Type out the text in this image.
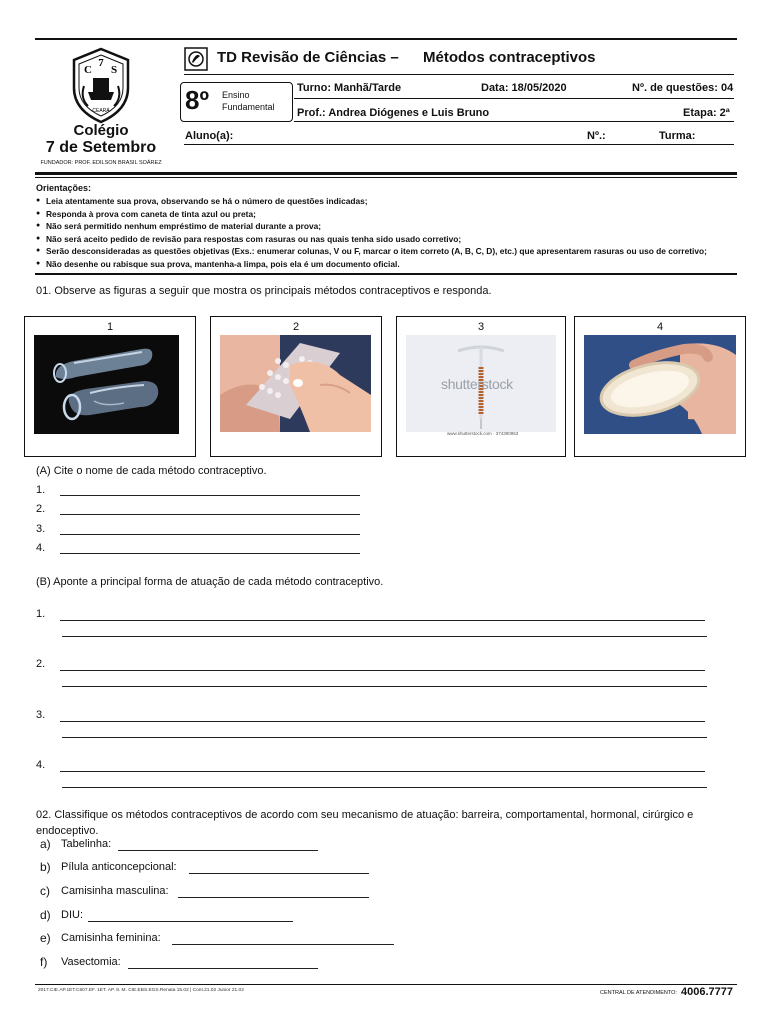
C
7
S
CEARÁ
Colégio
7 de Setembro
FUNDADOR: PROF. EDILSON BRASIL SOÁREZ
TD Revisão de Ciências – Métodos contraceptivos
8º Ensino
Fundamental
Turno: Manhã/Tarde	Data: 18/05/2020	Nº. de questões: 04
Prof.: Andrea Diógenes e Luis Bruno	Etapa: 2ª
Aluno(a):	Nº.:	Turma:
Orientações:
● Leia atentamente sua prova, observando se há o número de questões indicadas;
● Responda à prova com caneta de tinta azul ou preta;
● Não será permitido nenhum empréstimo de material durante a prova;
● Não será aceito pedido de revisão para respostas com rasuras ou nas quais tenha sido usado corretivo;
● Serão desconsideradas as questões objetivas (Exs.: enumerar colunas, V ou F, marcar o item correto (A, B, C, D), etc.) que apresentarem rasuras ou uso de corretivo;
● Não desenhe ou rabisque sua prova, mantenha-a limpa, pois ela é um documento oficial.
01. Observe as figuras a seguir que mostra os principais métodos contraceptivos e responda.
1	2	3
shutterstock
www.shutterstock.com · 374390953
4
(A) Cite o nome de cada método contraceptivo.
1.
2.
3.
4.
(B) Aponte a principal forma de atuação de cada método contraceptivo.
1.
2.
3.
4.
02. Classifique os métodos contraceptivos de acordo com seu mecanismo de atuação: barreira, comportamental, hormonal, cirúrgico e endoceptivo.
a) Tabelinha:
b) Pílula anticoncepcional:
c) Camisinha masculina:
d) DIU:
e) Camisinha feminina:
f) Vasectomia:
2017.CIE.AP.1ET.C607.EF. 1ET. AP. 8. M. CIE.EBS.EGS.Renata 15.02 | Cont.21.02 Junior 21.02	CENTRAL DE ATENDIMENTO: 4006.7777
